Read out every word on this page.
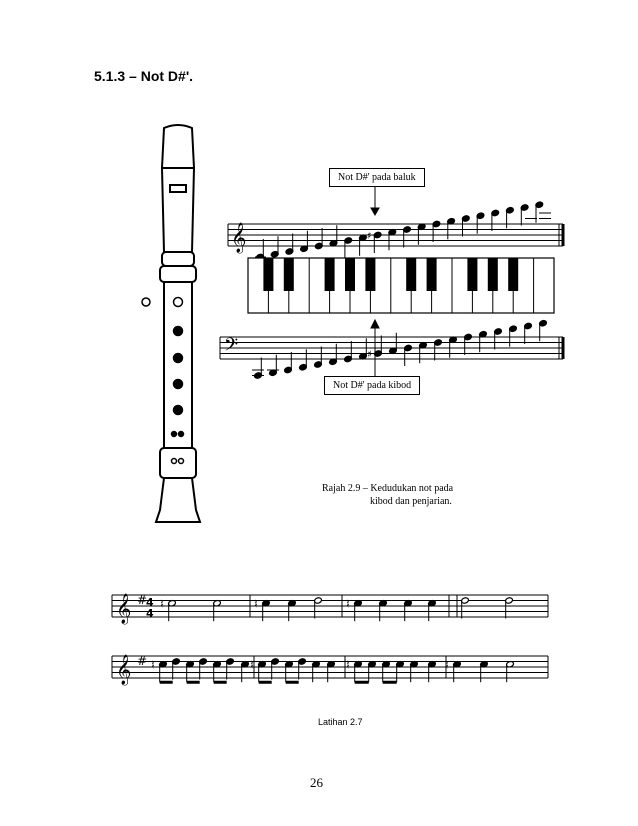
𝄞	♯
𝄢	♯
𝄞 #
4
4
♮	♮	♮
𝄞 # ♮	♮	♮	♮
5.1.3 – Not D#'.
Not D#' pada baluk
Not D#' pada kibod
Rajah 2.9 – Kedudukan not pada
kibod dan penjarian.
Latihan 2.7
26
